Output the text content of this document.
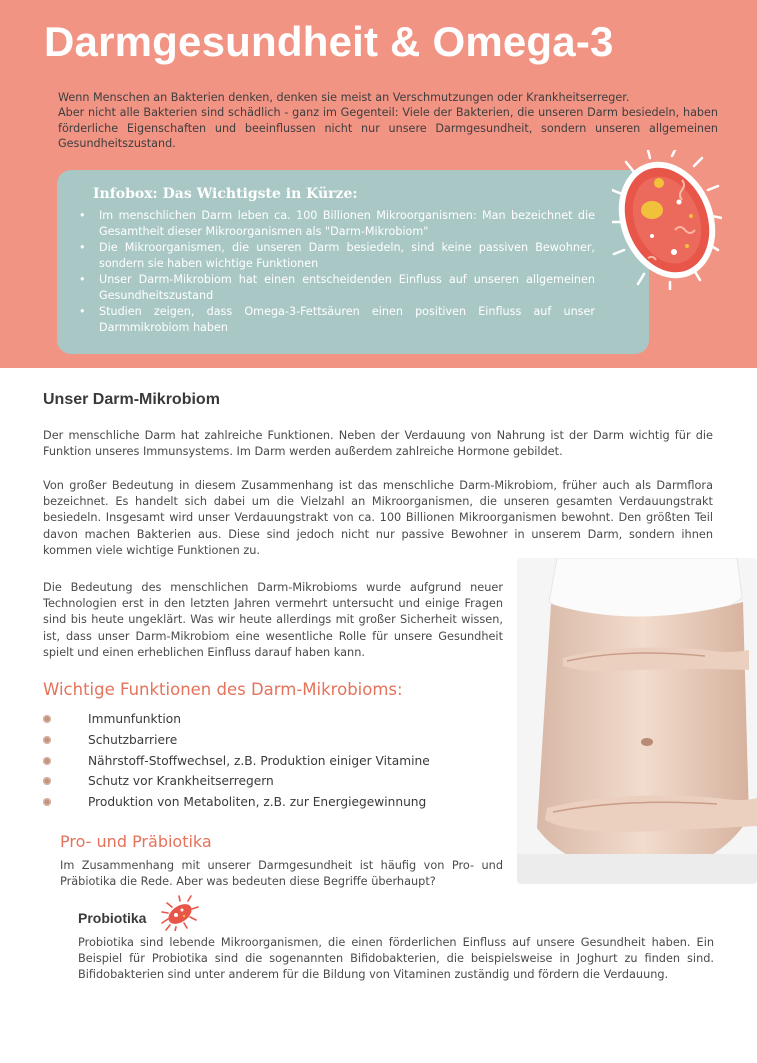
Darmgesundheit & Omega-3

Wenn Menschen an Bakterien denken, denken sie meist an Verschmutzungen oder Krankheitserreger.

Aber nicht alle Bakterien sind schädlich - ganz im Gegenteil: Viele der Bakterien, die unseren Darm besiedeln, haben förderliche Eigenschaften und beeinflussen nicht nur unsere Darmgesundheit, sondern unseren allgemeinen Gesundheitszustand.

Infobox: Das Wichtigste in Kürze:
• Im menschlichen Darm leben ca. 100 Billionen Mikroorganismen: Man bezeichnet die Gesamtheit dieser Mikroorganismen als "Darm-Mikrobiom"
• Die Mikroorganismen, die unseren Darm besiedeln, sind keine passiven Bewohner, sondern sie haben wichtige Funktionen
• Unser Darm-Mikrobiom hat einen entscheidenden Einfluss auf unseren allgemeinen Gesundheitszustand
• Studien zeigen, dass Omega-3-Fettsäuren einen positiven Einfluss auf unser Darmmikrobiom haben
Unser Darm-Mikrobiom

Der menschliche Darm hat zahlreiche Funktionen. Neben der Verdauung von Nahrung ist der Darm wichtig für die Funktion unseres Immunsystems. Im Darm werden außerdem zahlreiche Hormone gebildet.

Von großer Bedeutung in diesem Zusammenhang ist das menschliche Darm-Mikrobiom, früher auch als Darmflora bezeichnet. Es handelt sich dabei um die Vielzahl an Mikroorganismen, die unseren gesamten Verdauungstrakt besiedeln. Insgesamt wird unser Verdauungstrakt von ca. 100 Billionen Mikroorganismen bewohnt. Den größten Teil davon machen Bakterien aus. Diese sind jedoch nicht nur passive Bewohner in unserem Darm, sondern ihnen kommen viele wichtige Funktionen zu.

Die Bedeutung des menschlichen Darm-Mikrobioms wurde aufgrund neuer Technologien erst in den letzten Jahren vermehrt untersucht und einige Fragen sind bis heute ungeklärt. Was wir heute allerdings mit großer Sicherheit wissen, ist, dass unser Darm-Mikrobiom eine wesentliche Rolle für unsere Gesundheit spielt und einen erheblichen Einfluss darauf haben kann.

Wichtige Funktionen des Darm-Mikrobioms:
Immunfunktion
Schutzbarriere
Nährstoff-Stoffwechsel, z.B. Produktion einiger Vitamine
Schutz vor Krankheitserregern
Produktion von Metaboliten, z.B. zur Energiegewinnung
Pro- und Präbiotika

Im Zusammenhang mit unserer Darmgesundheit ist häufig von Pro- und Präbiotika die Rede. Aber was bedeuten diese Begriffe überhaupt?

Probiotika

Probiotika sind lebende Mikroorganismen, die einen förderlichen Einfluss auf unsere Gesundheit haben. Ein Beispiel für Probiotika sind die sogenannten Bifidobakterien, die beispielsweise in Joghurt zu finden sind. Bifidobakterien sind unter anderem für die Bildung von Vitaminen zuständig und fördern die Verdauung.
